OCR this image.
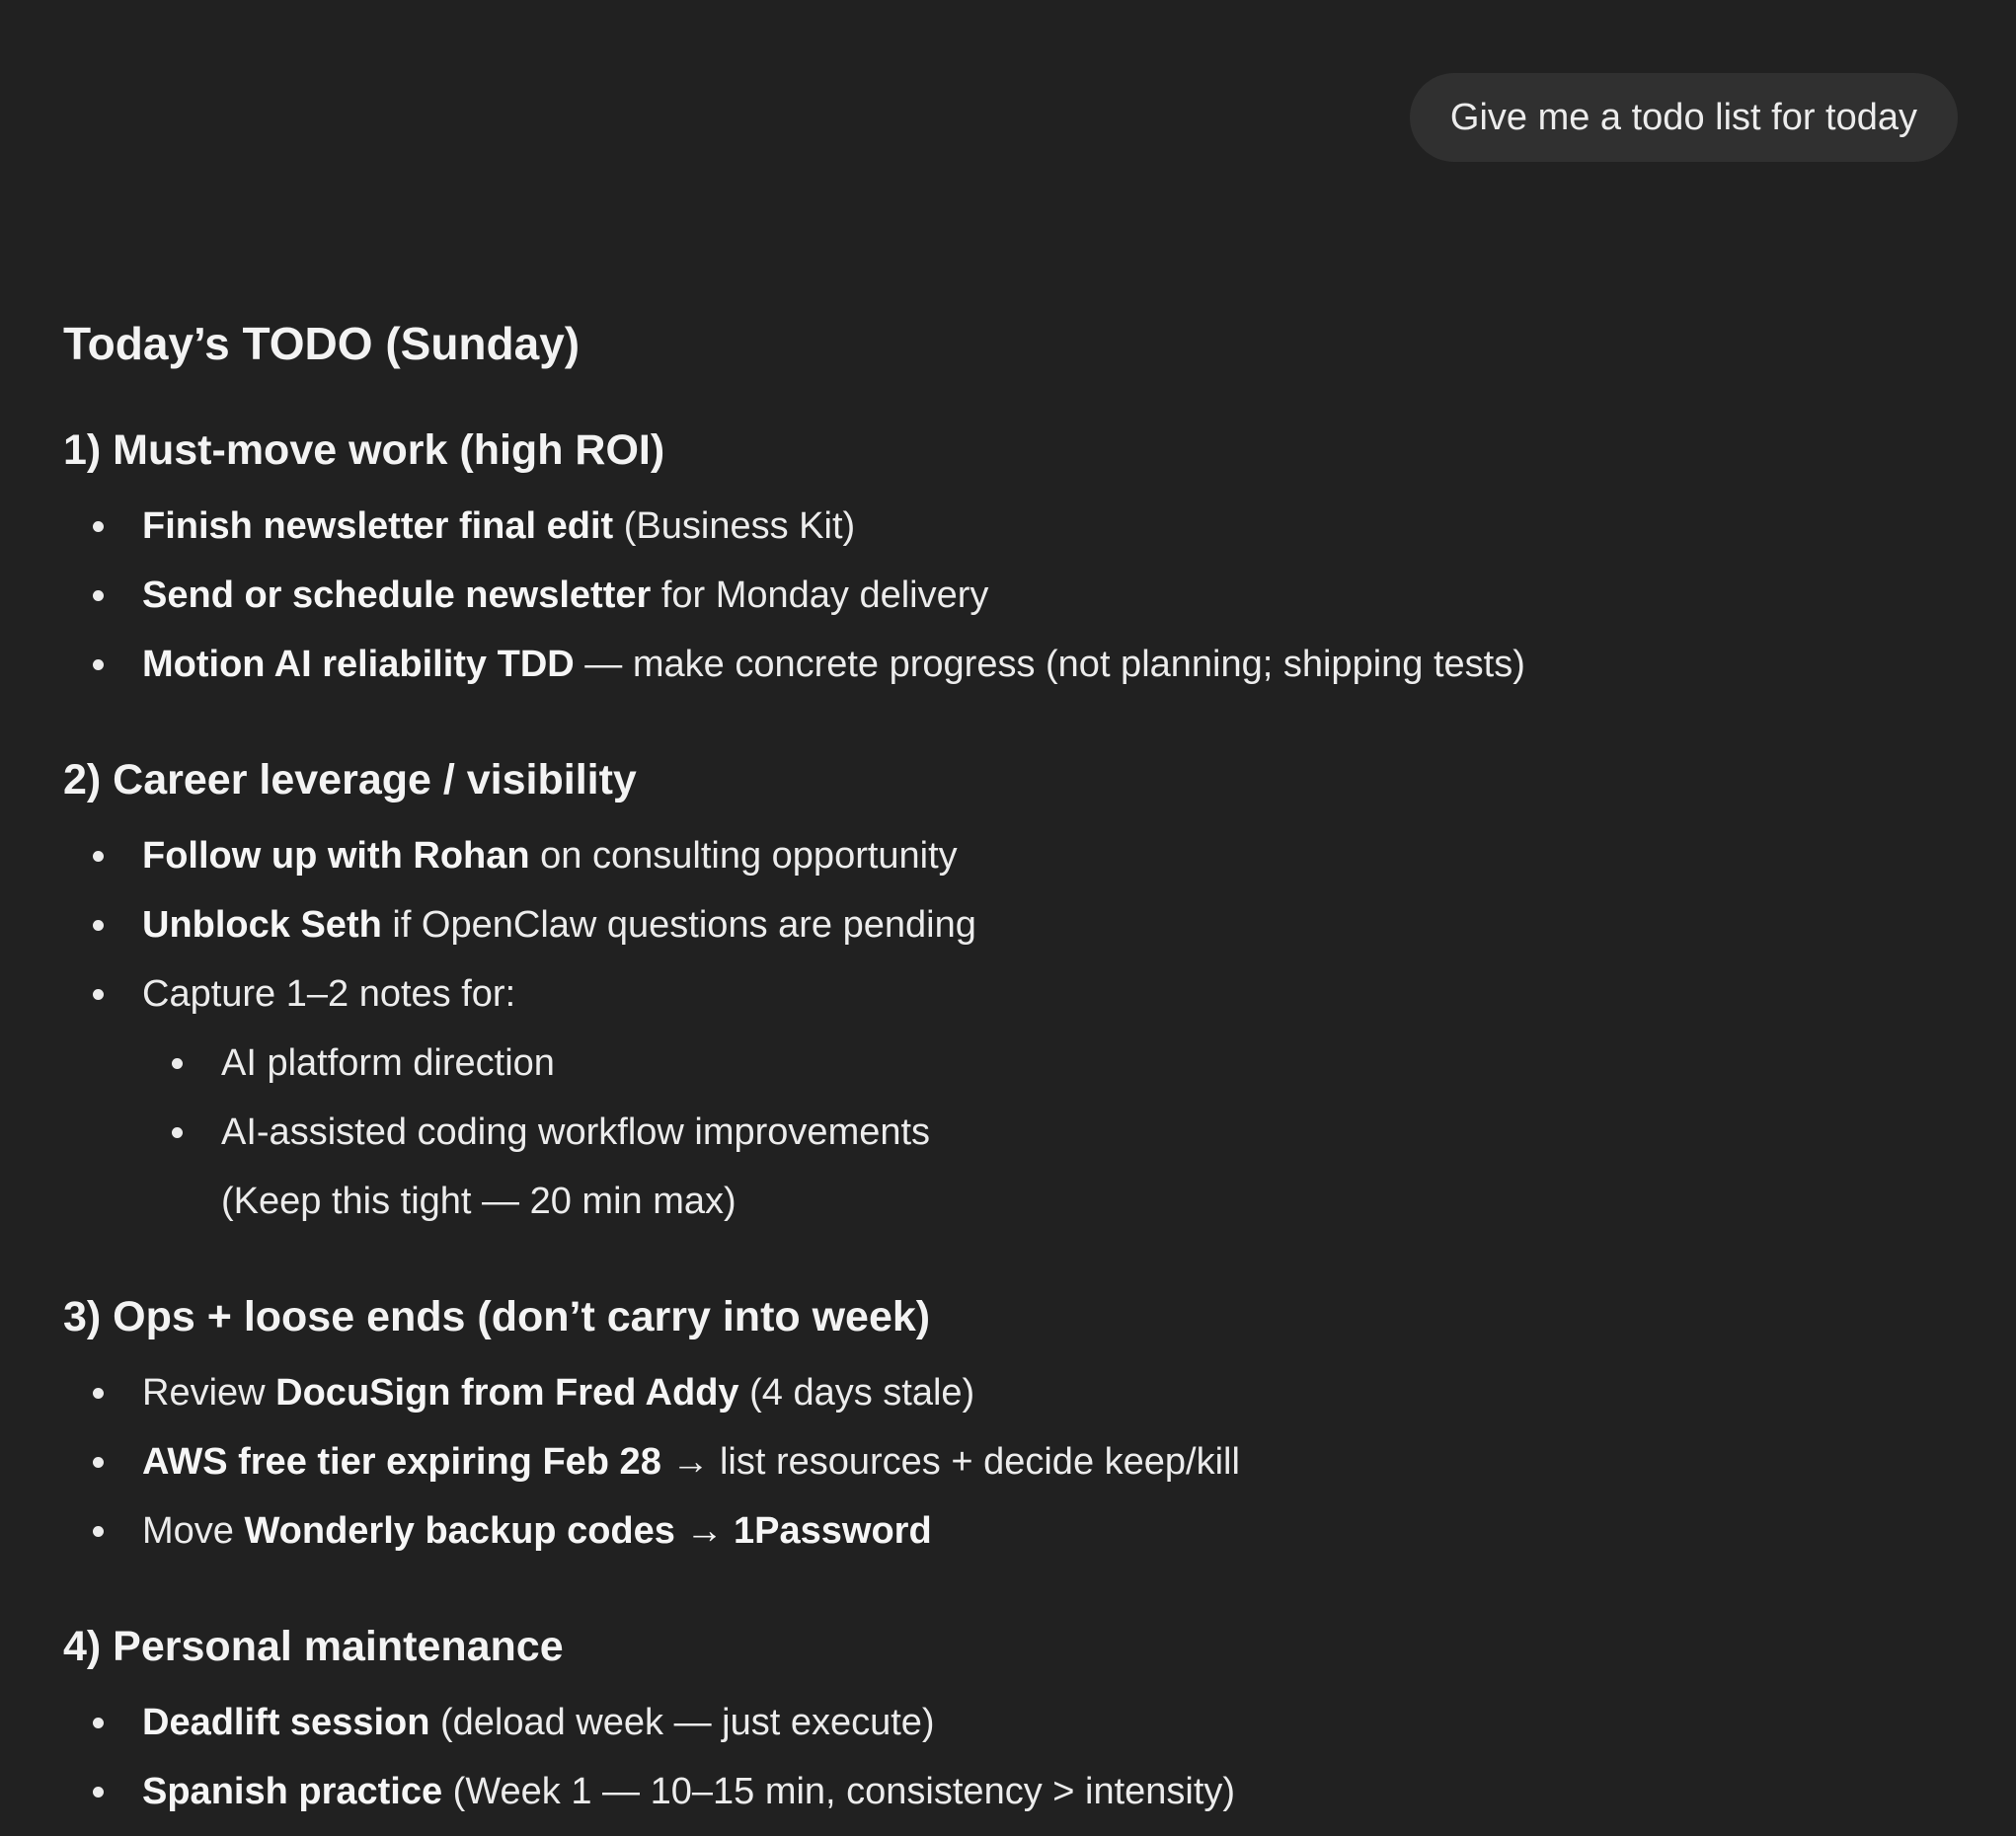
Give me a todo list for today
Today’s TODO (Sunday)
1) Must-move work (high ROI)
Finish newsletter final edit (Business Kit)
Send or schedule newsletter for Monday delivery
Motion AI reliability TDD — make concrete progress (not planning; shipping tests)
2) Career leverage / visibility
Follow up with Rohan on consulting opportunity
Unblock Seth if OpenClaw questions are pending
Capture 1–2 notes for:
AI platform direction
AI-assisted coding workflow improvements
(Keep this tight — 20 min max)
3) Ops + loose ends (don’t carry into week)
Review DocuSign from Fred Addy (4 days stale)
AWS free tier expiring Feb 28 → list resources + decide keep/kill
Move Wonderly backup codes → 1Password
4) Personal maintenance
Deadlift session (deload week — just execute)
Spanish practice (Week 1 — 10–15 min, consistency > intensity)
